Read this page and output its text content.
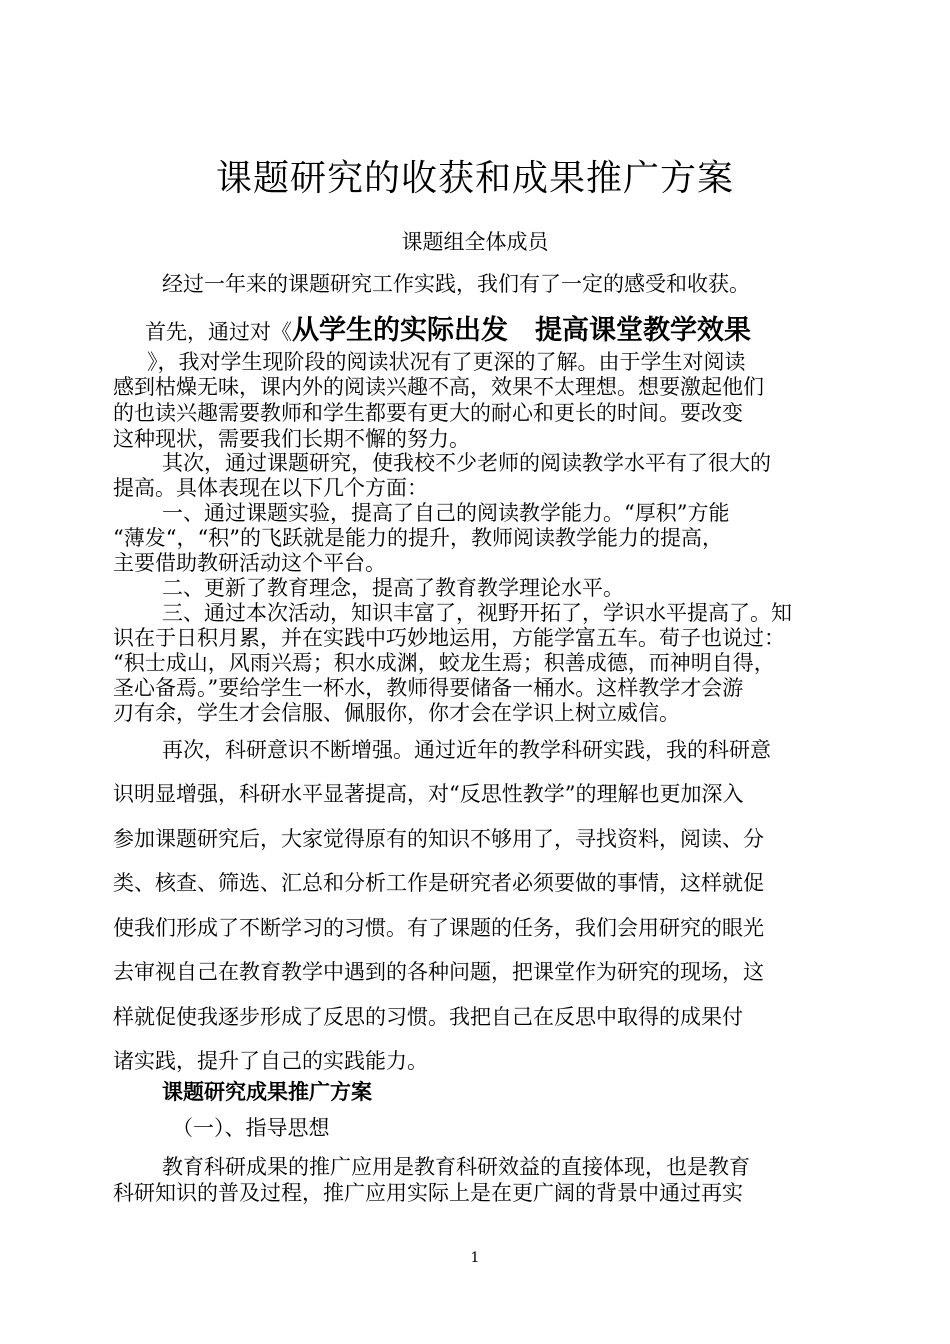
课题研究的收获和成果推广方案
课题组全体成员
经过一年来的课题研究工作实践，我们有了一定的感受和收获。
首先，通过对《从学生的实际出发　提高课堂教学效果
》，我对学生现阶段的阅读状况有了更深的了解。由于学生对阅读
感到枯燥无味，课内外的阅读兴趣不高，效果不太理想。想要激起他们
的也读兴趣需要教师和学生都要有更大的耐心和更长的时间。要改变
这种现状，需要我们长期不懈的努力。
其次，通过课题研究，使我校不少老师的阅读教学水平有了很大的
提高。具体表现在以下几个方面：
一、通过课题实验，提高了自己的阅读教学能力。“厚积”方能
“薄发“，“积”的飞跃就是能力的提升，教师阅读教学能力的提高，
主要借助教研活动这个平台。
二、更新了教育理念，提高了教育教学理论水平。
三、通过本次活动，知识丰富了，视野开拓了，学识水平提高了。知
识在于日积月累，并在实践中巧妙地运用，方能学富五车。荀子也说过：
“积士成山，风雨兴焉；积水成渊，蛟龙生焉；积善成德，而神明自得，
圣心备焉。”要给学生一杯水，教师得要储备一桶水。这样教学才会游
刃有余，学生才会信服、佩服你，你才会在学识上树立威信。
再次，科研意识不断增强。通过近年的教学科研实践，我的科研意
识明显增强，科研水平显著提高，对“反思性教学”的理解也更加深入
参加课题研究后，大家觉得原有的知识不够用了，寻找资料，阅读、分
类、核查、筛选、汇总和分析工作是研究者必须要做的事情，这样就促
使我们形成了不断学习的习惯。有了课题的任务，我们会用研究的眼光
去审视自己在教育教学中遇到的各种问题，把课堂作为研究的现场，这
样就促使我逐步形成了反思的习惯。我把自己在反思中取得的成果付
诸实践，提升了自己的实践能力。
课题研究成果推广方案
（一）、指导思想
教育科研成果的推广应用是教育科研效益的直接体现，也是教育
科研知识的普及过程，推广应用实际上是在更广阔的背景中通过再实
1
